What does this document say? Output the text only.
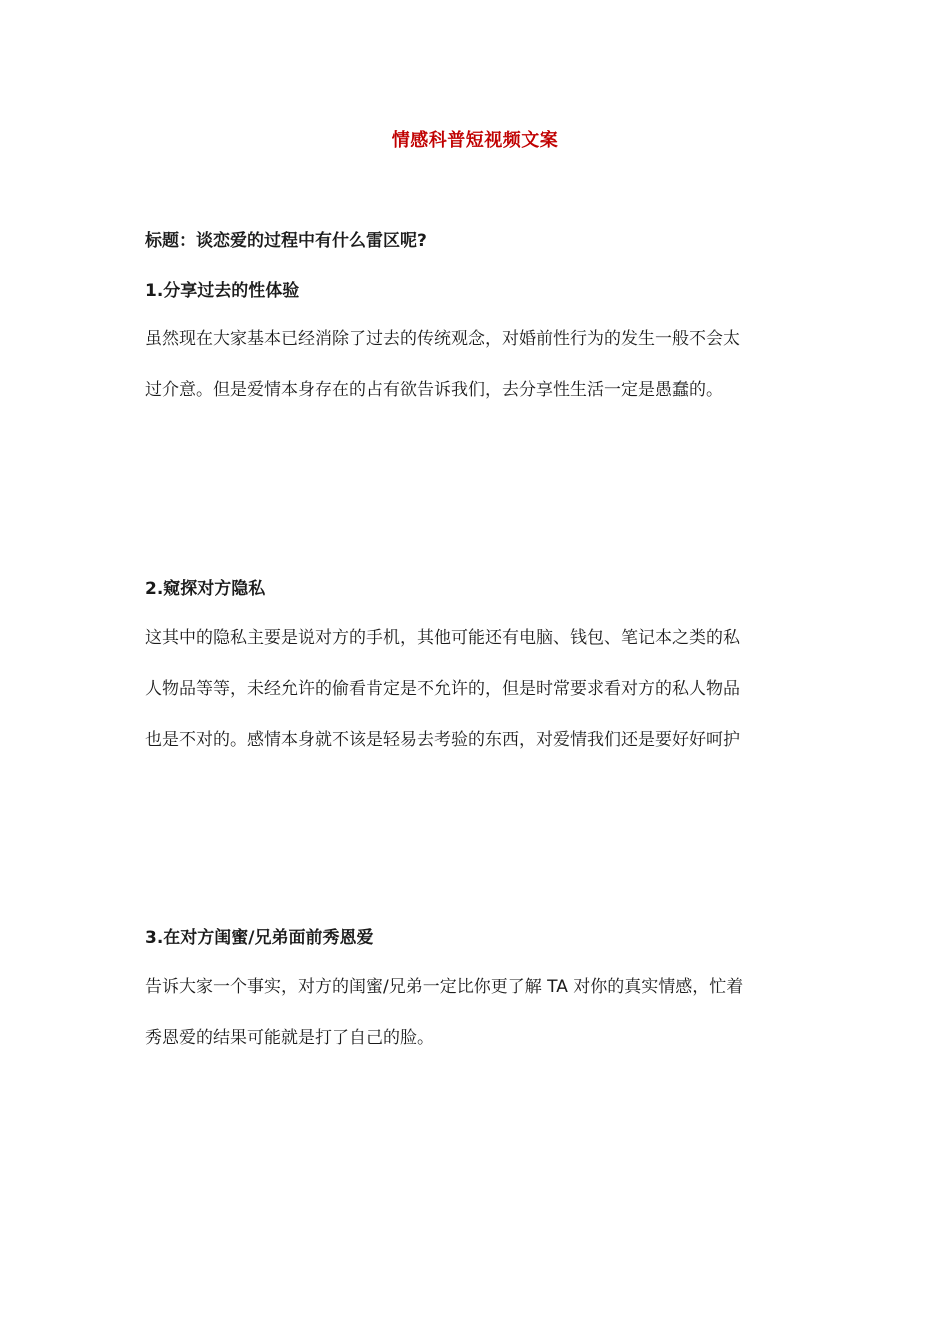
情感科普短视频文案
标题：谈恋爱的过程中有什么雷区呢?
1.分享过去的性体验
虽然现在大家基本已经消除了过去的传统观念，对婚前性行为的发生一般不会太
过介意。但是爱情本身存在的占有欲告诉我们，去分享性生活一定是愚蠢的。
2.窥探对方隐私
这其中的隐私主要是说对方的手机，其他可能还有电脑、钱包、笔记本之类的私
人物品等等，未经允许的偷看肯定是不允许的，但是时常要求看对方的私人物品
也是不对的。感情本身就不该是轻易去考验的东西，对爱情我们还是要好好呵护
3.在对方闺蜜/兄弟面前秀恩爱
告诉大家一个事实，对方的闺蜜/兄弟一定比你更了解 TA 对你的真实情感，忙着
秀恩爱的结果可能就是打了自己的脸。
